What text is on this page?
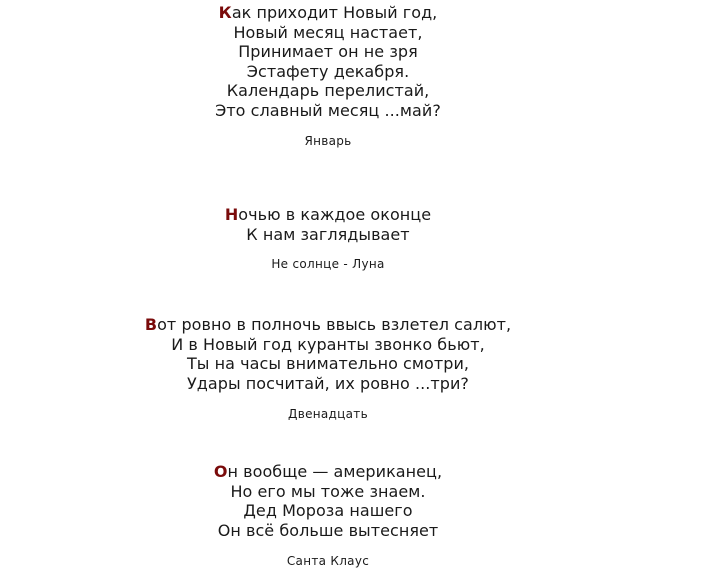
Как приходит Новый год,
Новый месяц настает,
Принимает он не зря
Эстафету декабря.
Календарь перелистай,
Это славный месяц ...май?
Январь
Ночью в каждое оконце
К нам заглядывает
Не солнце - Луна
Вот ровно в полночь ввысь взлетел салют,
И в Новый год куранты звонко бьют,
Ты на часы внимательно смотри,
Удары посчитай, их ровно ...три?
Двенадцать
Он вообще — американец,
Но его мы тоже знаем.
Дед Мороза нашего
Он всё больше вытесняет
Санта Клаус
